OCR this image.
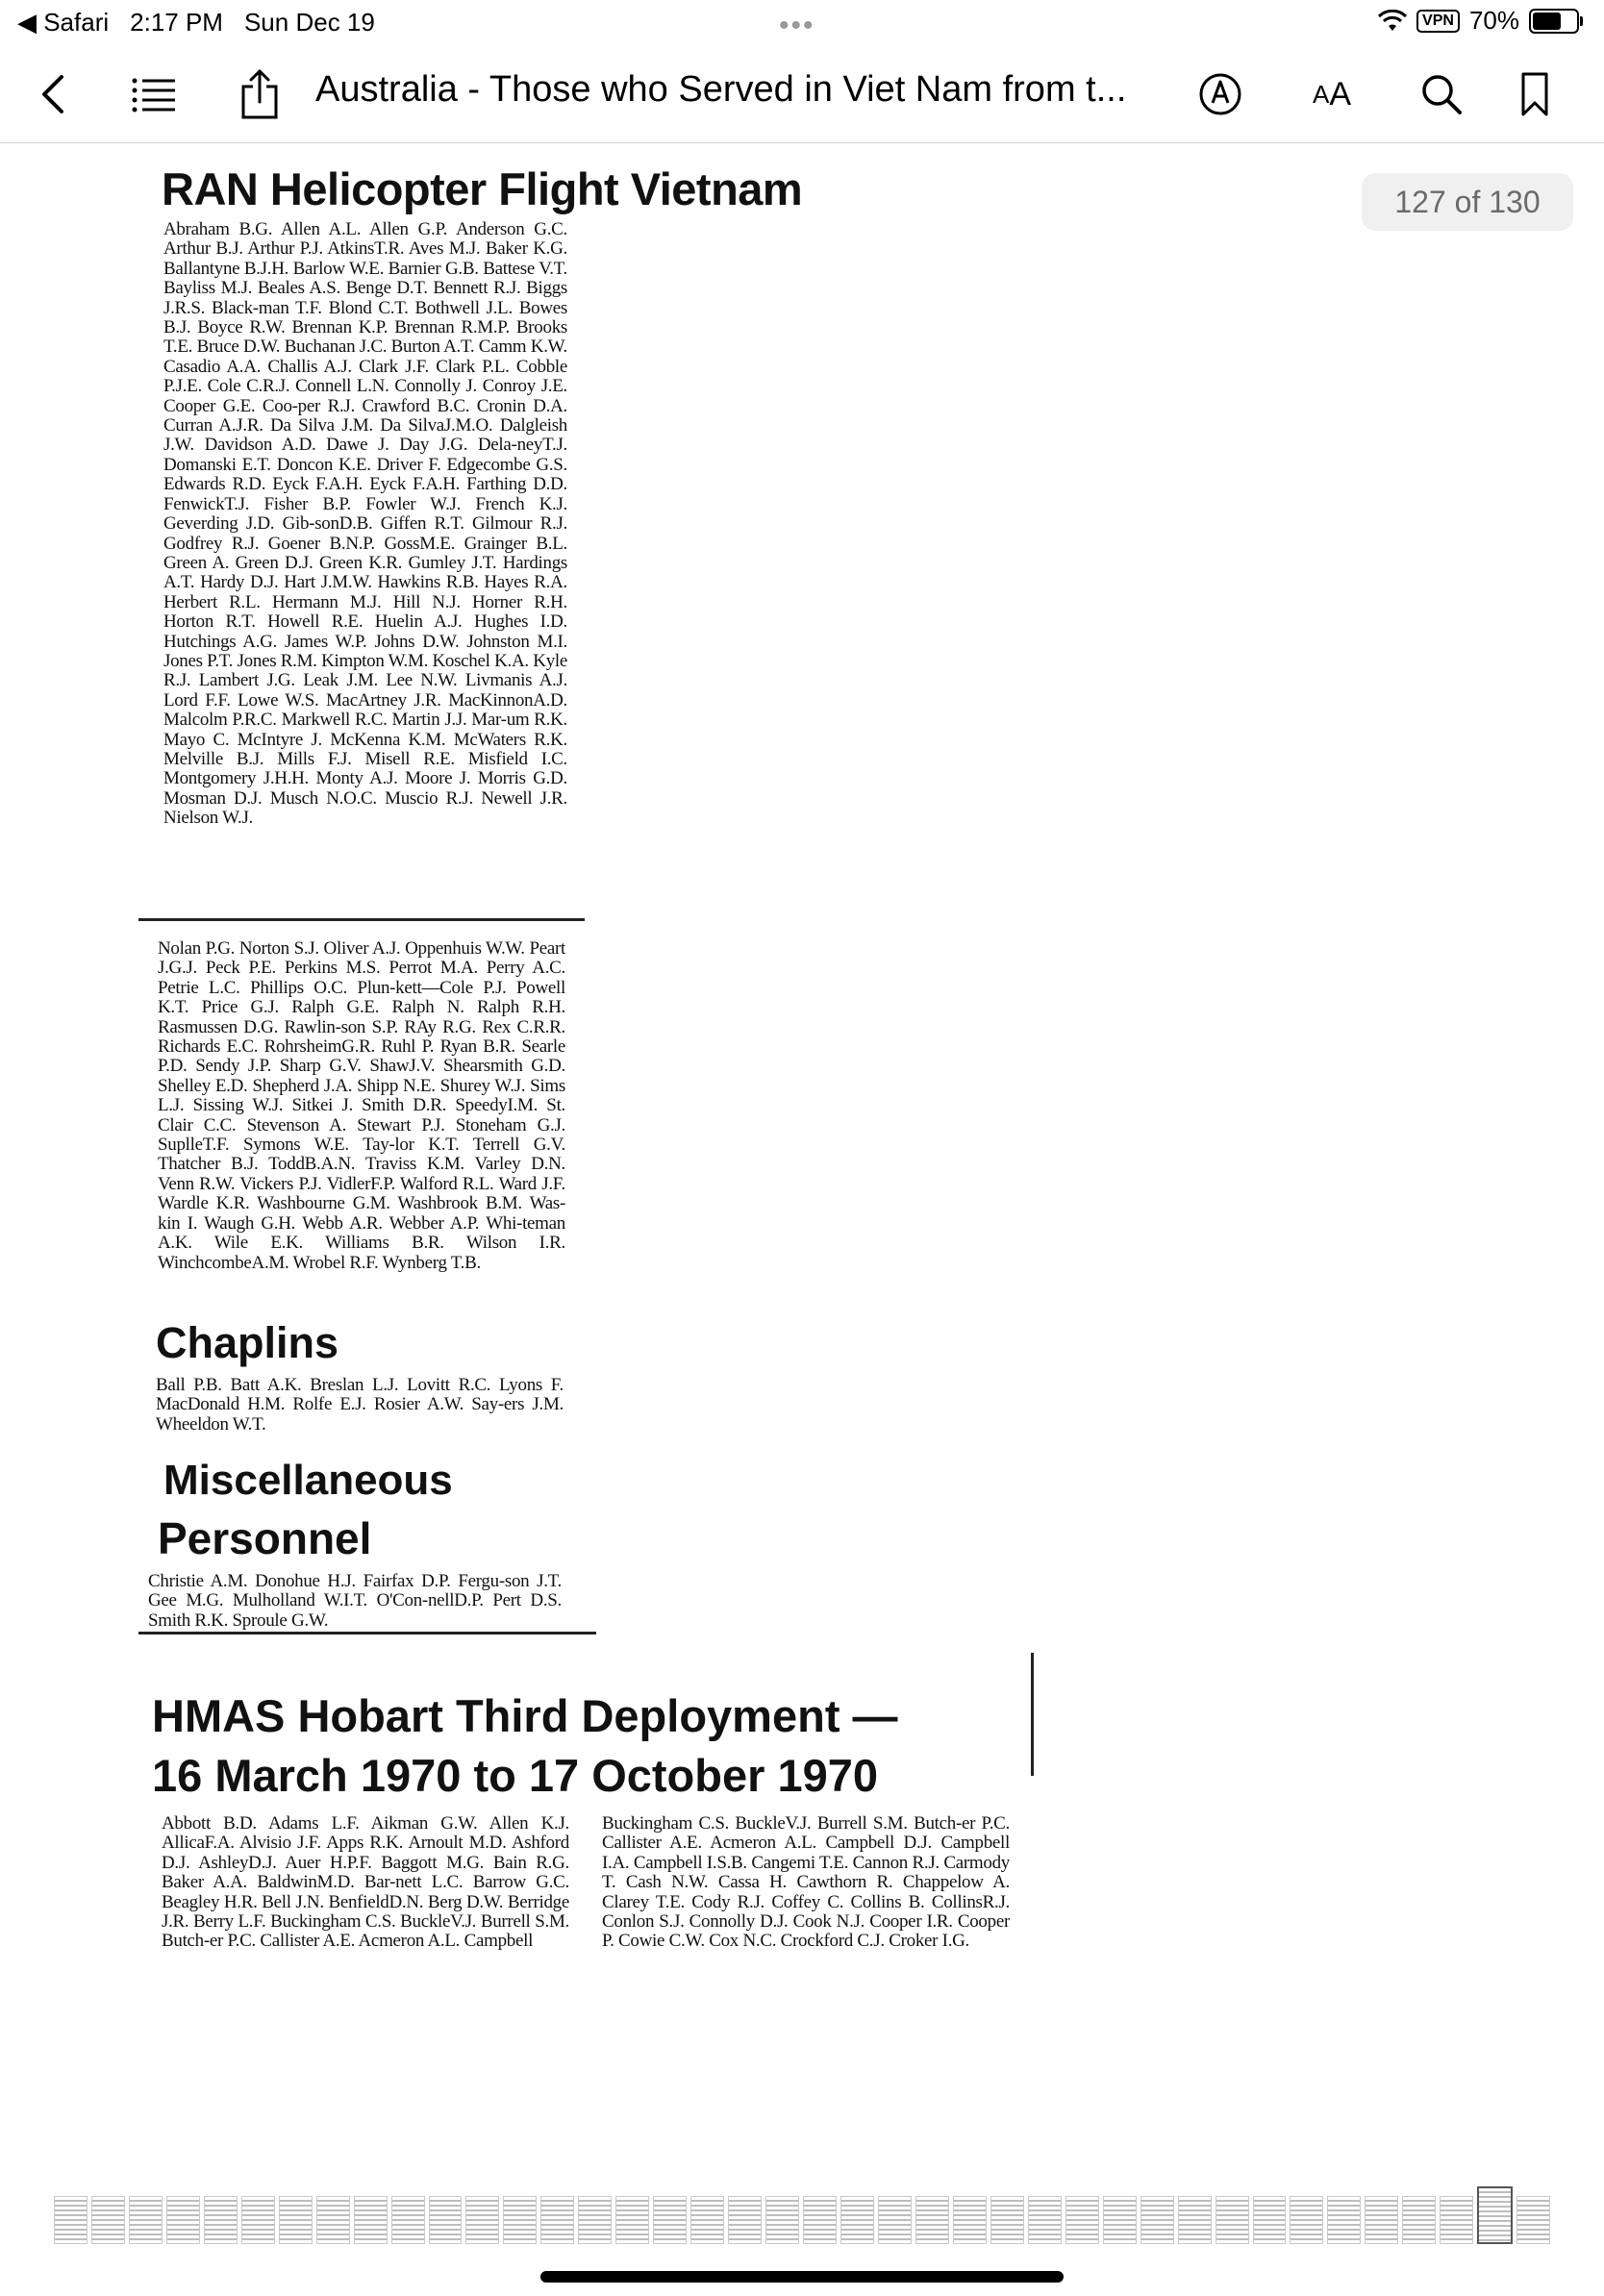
◀ Safari 2:17 PM Sun Dec 19	•••	VPN 70%
Australia - Those who Served in Viet Nam from t...	A A
RAN Helicopter Flight Vietnam
Abraham B.G. Allen A.L. Allen G.P. Anderson G.C. Arthur B.J. Arthur P.J. AtkinsT.R. Aves M.J. Baker K.G. Ballantyne B.J.H. Barlow W.E. Barnier G.B. Battese V.T. Bayliss M.J. Beales A.S. Benge D.T. Bennett R.J. Biggs J.R.S. Black-man T.F. Blond C.T. Bothwell J.L. Bowes B.J. Boyce R.W. Brennan K.P. Brennan R.M.P. Brooks T.E. Bruce D.W. Buchanan J.C. Burton A.T. Camm K.W. Casadio A.A. Challis A.J. Clark J.F. Clark P.L. Cobble P.J.E. Cole C.R.J. Connell L.N. Connolly J. Conroy J.E. Cooper G.E. Coo-per R.J. Crawford B.C. Cronin D.A. Curran A.J.R. Da Silva J.M. Da SilvaJ.M.O. Dalgleish J.W. Davidson A.D. Dawe J. Day J.G. Dela-neyT.J. Domanski E.T. Doncon K.E. Driver F. Edgecombe G.S. Edwards R.D. Eyck F.A.H. Eyck F.A.H. Farthing D.D. FenwickT.J. Fisher B.P. Fowler W.J. French K.J. Geverding J.D. Gib-sonD.B. Giffen R.T. Gilmour R.J. Godfrey R.J. Goener B.N.P. GossM.E. Grainger B.L. Green A. Green D.J. Green K.R. Gumley J.T. Hardings A.T. Hardy D.J. Hart J.M.W. Hawkins R.B. Hayes R.A. Herbert R.L. Hermann M.J. Hill N.J. Horner R.H. Horton R.T. Howell R.E. Huelin A.J. Hughes I.D. Hutchings A.G. James W.P. Johns D.W. Johnston M.I. Jones P.T. Jones R.M. Kimpton W.M. Koschel K.A. Kyle R.J. Lambert J.G. Leak J.M. Lee N.W. Livmanis A.J. Lord F.F. Lowe W.S. MacArtney J.R. MacKinnonA.D. Malcolm P.R.C. Markwell R.C. Martin J.J. Mar-um R.K. Mayo C. McIntyre J. McKenna K.M. McWaters R.K. Melville B.J. Mills F.J. Misell R.E. Misfield I.C. Montgomery J.H.H. Monty A.J. Moore J. Morris G.D. Mosman D.J. Musch N.O.C. Muscio R.J. Newell J.R. Nielson W.J.
Nolan P.G. Norton S.J. Oliver A.J. Oppenhuis W.W. Peart J.G.J. Peck P.E. Perkins M.S. Perrot M.A. Perry A.C. Petrie L.C. Phillips O.C. Plun-kett—Cole P.J. Powell K.T. Price G.J. Ralph G.E. Ralph N. Ralph R.H. Rasmussen D.G. Rawlin-son S.P. RAy R.G. Rex C.R.R. Richards E.C. RohrsheimG.R. Ruhl P. Ryan B.R. Searle P.D. Sendy J.P. Sharp G.V. ShawJ.V. Shearsmith G.D. Shelley E.D. Shepherd J.A. Shipp N.E. Shurey W.J. Sims L.J. Sissing W.J. Sitkei J. Smith D.R. SpeedyI.M. St. Clair C.C. Stevenson A. Stewart P.J. Stoneham G.J. SuplleT.F. Symons W.E. Tay-lor K.T. Terrell G.V. Thatcher B.J. ToddB.A.N. Traviss K.M. Varley D.N. Venn R.W. Vickers P.J. VidlerF.P. Walford R.L. Ward J.F. Wardle K.R. Washbourne G.M. Washbrook B.M. Was-kin I. Waugh G.H. Webb A.R. Webber A.P. Whi-teman A.K. Wile E.K. Williams B.R. Wilson I.R. WinchcombeA.M. Wrobel R.F. Wynberg T.B.
Chaplins
Ball P.B. Batt A.K. Breslan L.J. Lovitt R.C. Lyons F. MacDonald H.M. Rolfe E.J. Rosier A.W. Say-ers J.M. Wheeldon W.T.
Miscellaneous
Personnel
Christie A.M. Donohue H.J. Fairfax D.P. Fergu-son J.T. Gee M.G. Mulholland W.I.T. O'Con-nellD.P. Pert D.S. Smith R.K. Sproule G.W.
HMAS Hobart Third Deployment —
16 March 1970 to 17 October 1970
Abbott B.D. Adams L.F. Aikman G.W. Allen K.J. AllicaF.A. Alvisio J.F. Apps R.K. Arnoult M.D. Ashford D.J. AshleyD.J. Auer H.P.F. Baggott M.G. Bain R.G. Baker A.A. BaldwinM.D. Bar-nett L.C. Barrow G.C. Beagley H.R. Bell J.N. BenfieldD.N. Berg D.W. Berridge J.R. Berry L.F. Buckingham C.S. BuckleV.J. Burrell S.M. Butch-er P.C. Callister A.E. Acmeron A.L. Campbell
Buckingham C.S. BuckleV.J. Burrell S.M. Butch-er P.C. Callister A.E. Acmeron A.L. Campbell D.J. Campbell I.A. Campbell I.S.B. Cangemi T.E. Cannon R.J. Carmody T. Cash N.W. Cassa H. Cawthorn R. Chappelow A. Clarey T.E. Cody R.J. Coffey C. Collins B. CollinsR.J. Conlon S.J. Connolly D.J. Cook N.J. Cooper I.R. Cooper P. Cowie C.W. Cox N.C. Crockford C.J. Croker I.G.
127 of 130
